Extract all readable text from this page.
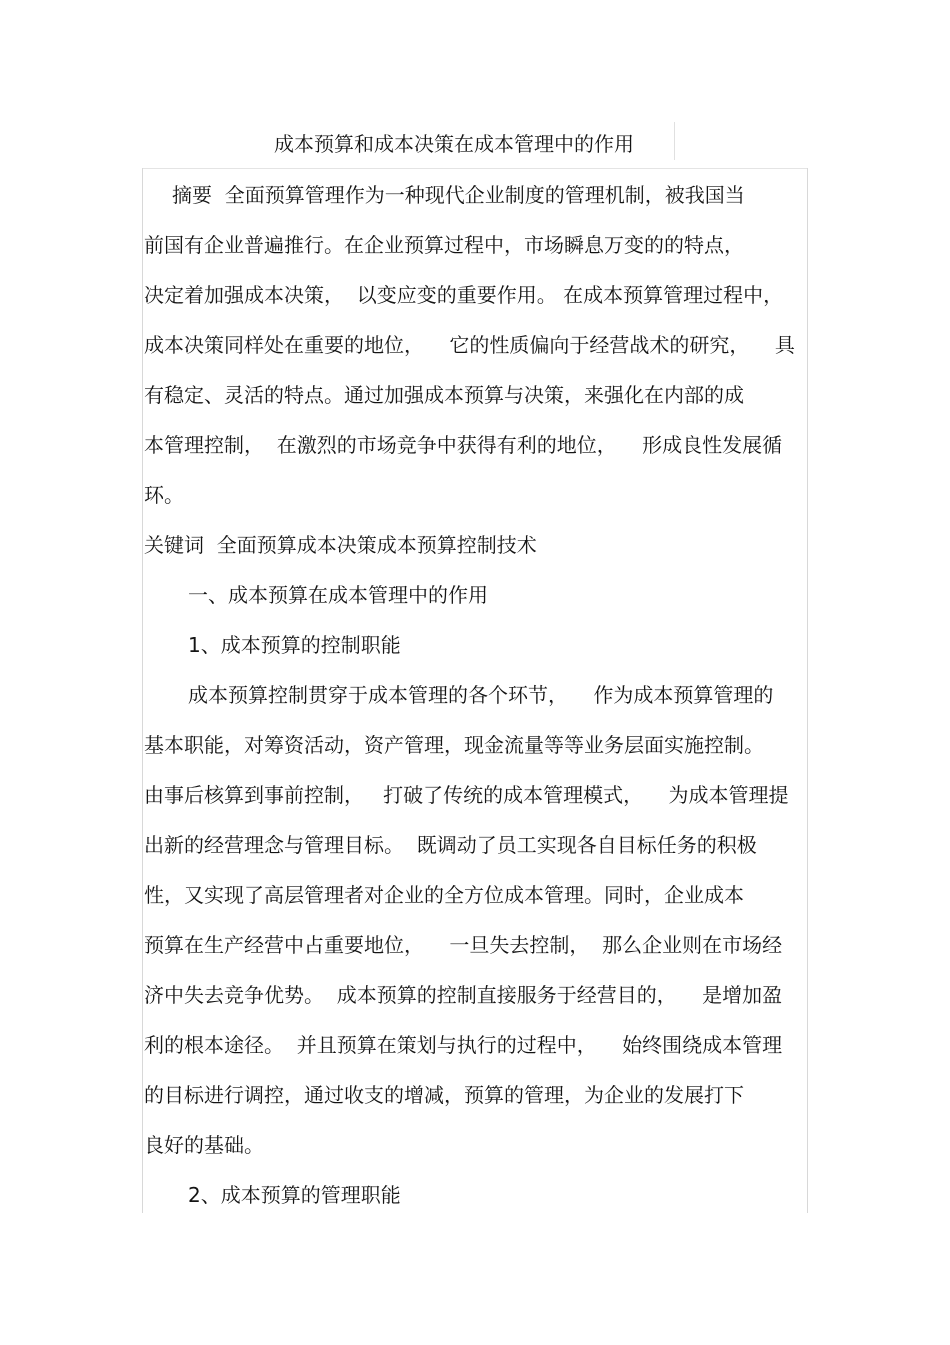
成本预算和成本决策在成本管理中的作用

摘要  全面预算管理作为一种现代企业制度的管理机制，被我国当

前国有企业普遍推行。在企业预算过程中，市场瞬息万变的的特点，

决定着加强成本决策，  以变应变的重要作用。 在成本预算管理过程中，

成本决策同样处在重要的地位，    它的性质偏向于经营战术的研究，    具

有稳定、灵活的特点。通过加强成本预算与决策，来强化在内部的成

本管理控制，  在激烈的市场竞争中获得有利的地位，    形成良性发展循

环。

关键词  全面预算成本决策成本预算控制技术

一、成本预算在成本管理中的作用

1、成本预算的控制职能

成本预算控制贯穿于成本管理的各个环节，    作为成本预算管理的

基本职能，对筹资活动，资产管理，现金流量等等业务层面实施控制。

由事后核算到事前控制，   打破了传统的成本管理模式，    为成本管理提

出新的经营理念与管理目标。  既调动了员工实现各自目标任务的积极

性，又实现了高层管理者对企业的全方位成本管理。同时，企业成本

预算在生产经营中占重要地位，    一旦失去控制，  那么企业则在市场经

济中失去竞争优势。  成本预算的控制直接服务于经营目的，    是增加盈

利的根本途径。  并且预算在策划与执行的过程中，    始终围绕成本管理

的目标进行调控，通过收支的增减，预算的管理，为企业的发展打下

良好的基础。

2、成本预算的管理职能
